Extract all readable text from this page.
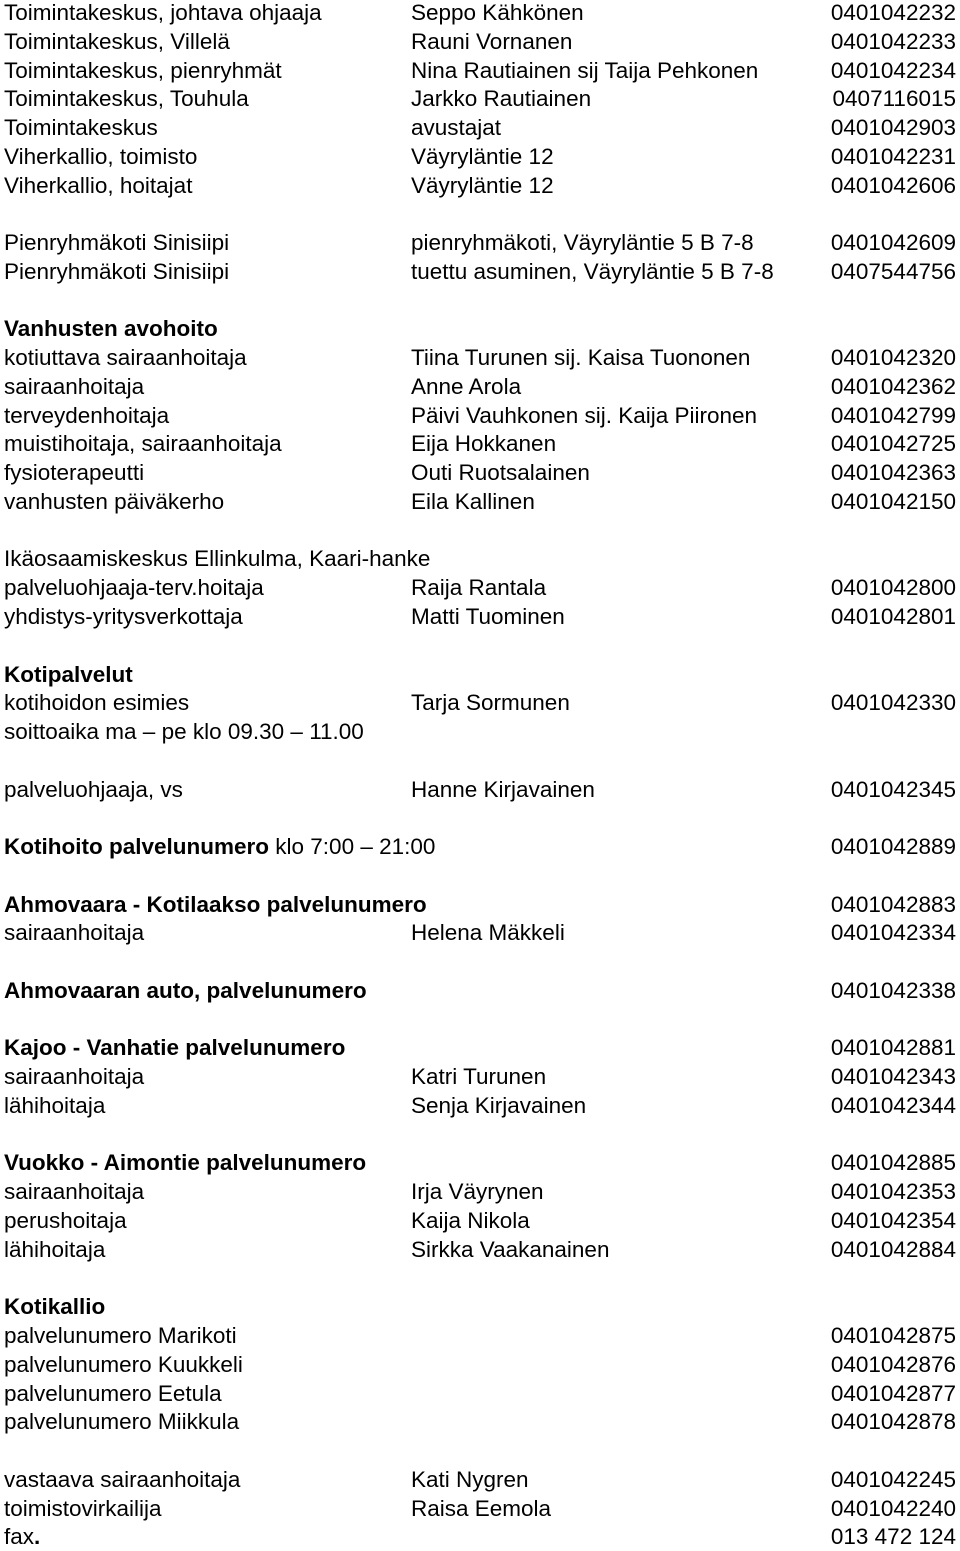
Toimintakeskus, johtava ohjaaja	Seppo Kähkönen	0401042232
Toimintakeskus, Villelä	Rauni Vornanen	0401042233
Toimintakeskus, pienryhmät	Nina Rautiainen sij Taija Pehkonen	0401042234
Toimintakeskus, Touhula	Jarkko Rautiainen	0407116015
Toimintakeskus	avustajat	0401042903
Viherkallio, toimisto	Väyryläntie 12	0401042231
Viherkallio, hoitajat	Väyryläntie 12	0401042606
Pienryhmäkoti Sinisiipi	pienryhmäkoti, Väyryläntie 5 B 7-8	0401042609
Pienryhmäkoti Sinisiipi	tuettu asuminen, Väyryläntie 5 B 7-8	0407544756
Vanhusten avohoito
kotiuttava sairaanhoitaja	Tiina Turunen sij. Kaisa Tuononen	0401042320
sairaanhoitaja	Anne Arola	0401042362
terveydenhoitaja	Päivi Vauhkonen sij. Kaija Piironen	0401042799
muistihoitaja, sairaanhoitaja	Eija Hokkanen	0401042725
fysioterapeutti	Outi Ruotsalainen	0401042363
vanhusten päiväkerho	Eila Kallinen	0401042150
Ikäosaamiskeskus Ellinkulma, Kaari-hanke
palveluohjaaja-terv.hoitaja	Raija Rantala	0401042800
yhdistys-yritysverkottaja	Matti Tuominen	0401042801
Kotipalvelut
kotihoidon esimies	Tarja Sormunen	0401042330
soittoaika ma – pe klo 09.30 – 11.00
palveluohjaaja, vs	Hanne Kirjavainen	0401042345
Kotihoito palvelunumero klo 7:00 – 21:00	0401042889
Ahmovaara - Kotilaakso palvelunumero	0401042883
sairaanhoitaja	Helena Mäkkeli	0401042334
Ahmovaaran auto, palvelunumero	0401042338
Kajoo - Vanhatie palvelunumero	0401042881
sairaanhoitaja	Katri Turunen	0401042343
lähihoitaja	Senja Kirjavainen	0401042344
Vuokko - Aimontie palvelunumero	0401042885
sairaanhoitaja	Irja Väyrynen	0401042353
perushoitaja	Kaija Nikola	0401042354
lähihoitaja	Sirkka Vaakanainen	0401042884
Kotikallio
palvelunumero Marikoti	0401042875
palvelunumero Kuukkeli	0401042876
palvelunumero Eetula	0401042877
palvelunumero Miikkula	0401042878
vastaava sairaanhoitaja	Kati Nygren	0401042245
toimistovirkailija	Raisa Eemola	0401042240
fax.	013 472 124
